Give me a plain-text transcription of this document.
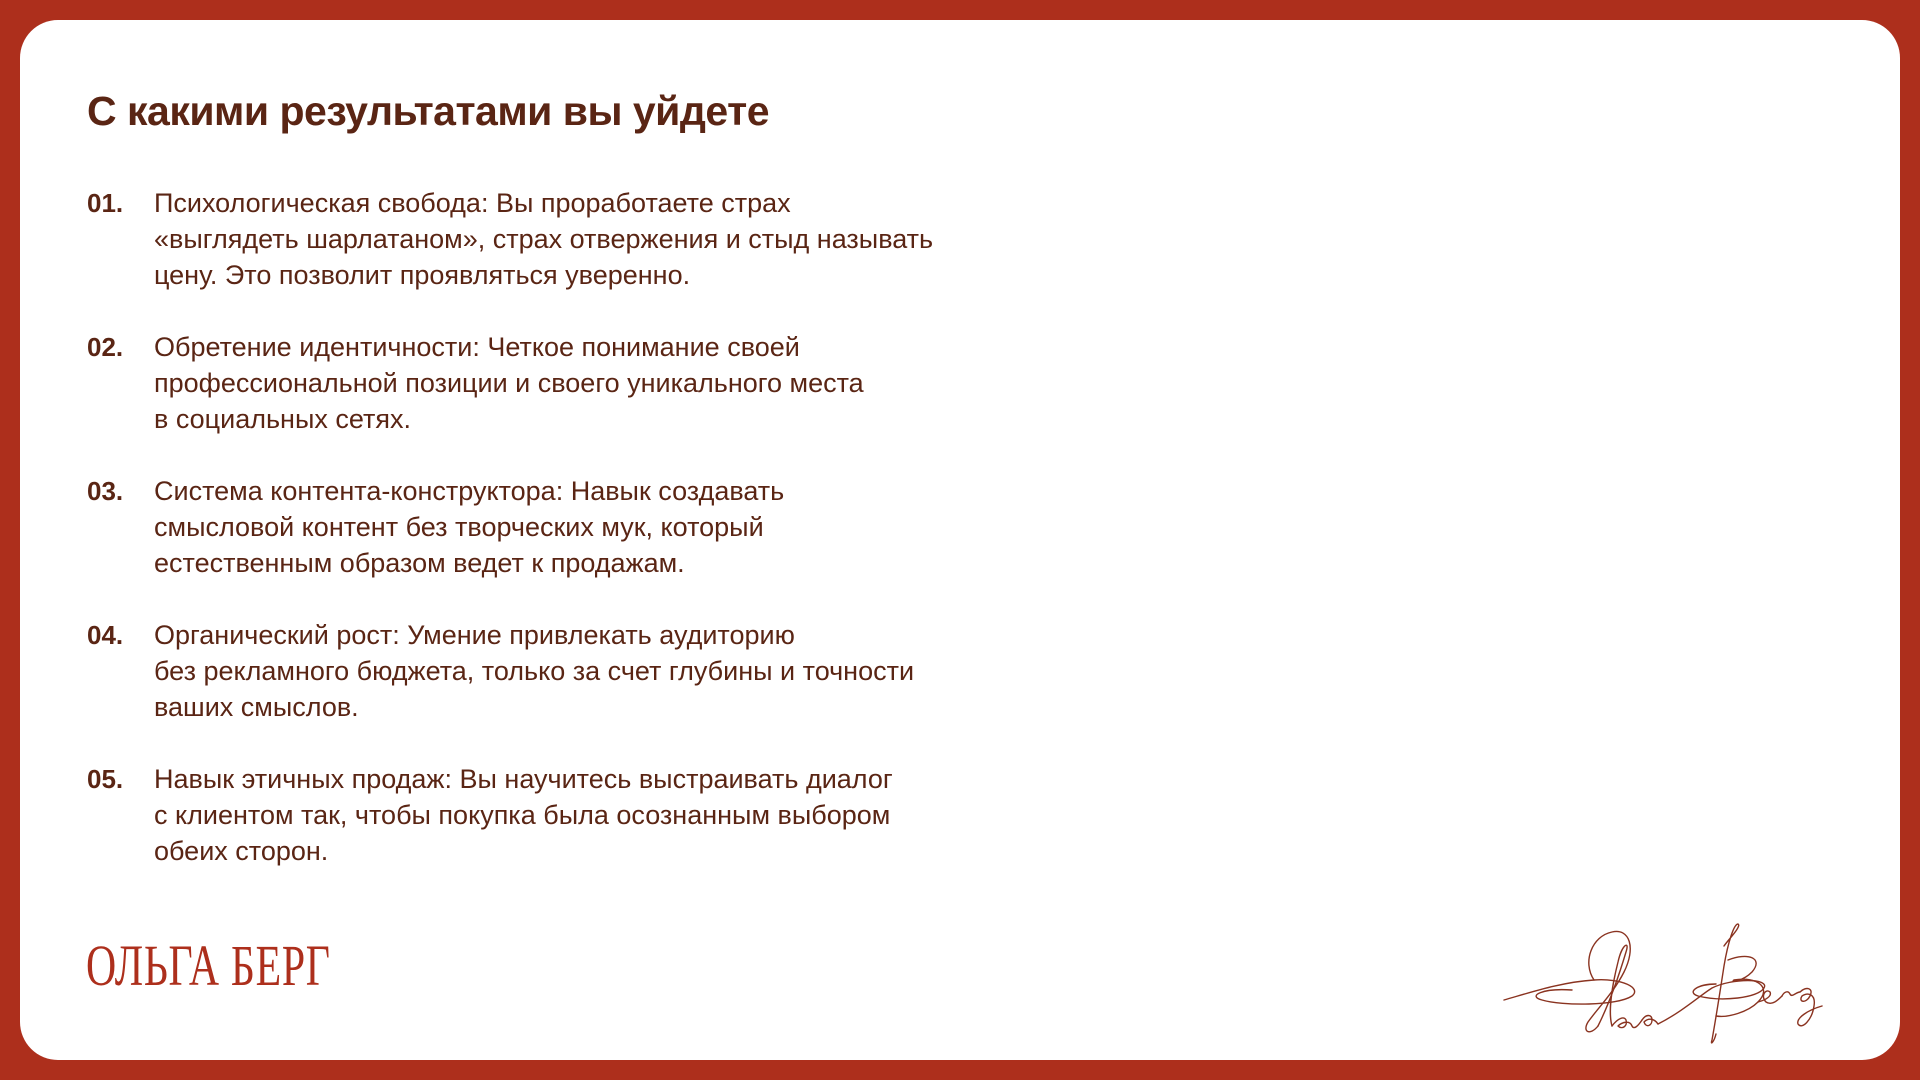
С какими результатами вы уйдете
01.	Психологическая свобода: Вы проработаете страх
«выглядеть шарлатаном», страх отвержения и стыд называть
цену. Это позволит проявляться уверенно.
02.	Обретение идентичности: Четкое понимание своей
профессиональной позиции и своего уникального места
в социальных сетях.
03.	Система контента-конструктора: Навык создавать
смысловой контент без творческих мук, который
естественным образом ведет к продажам.
04.	Органический рост: Умение привлекать аудиторию
без рекламного бюджета, только за счет глубины и точности
ваших смыслов.
05.	Навык этичных продаж: Вы научитесь выстраивать диалог
с клиентом так, чтобы покупка была осознанным выбором
обеих сторон.
ОЛЬГА БЕРГ
